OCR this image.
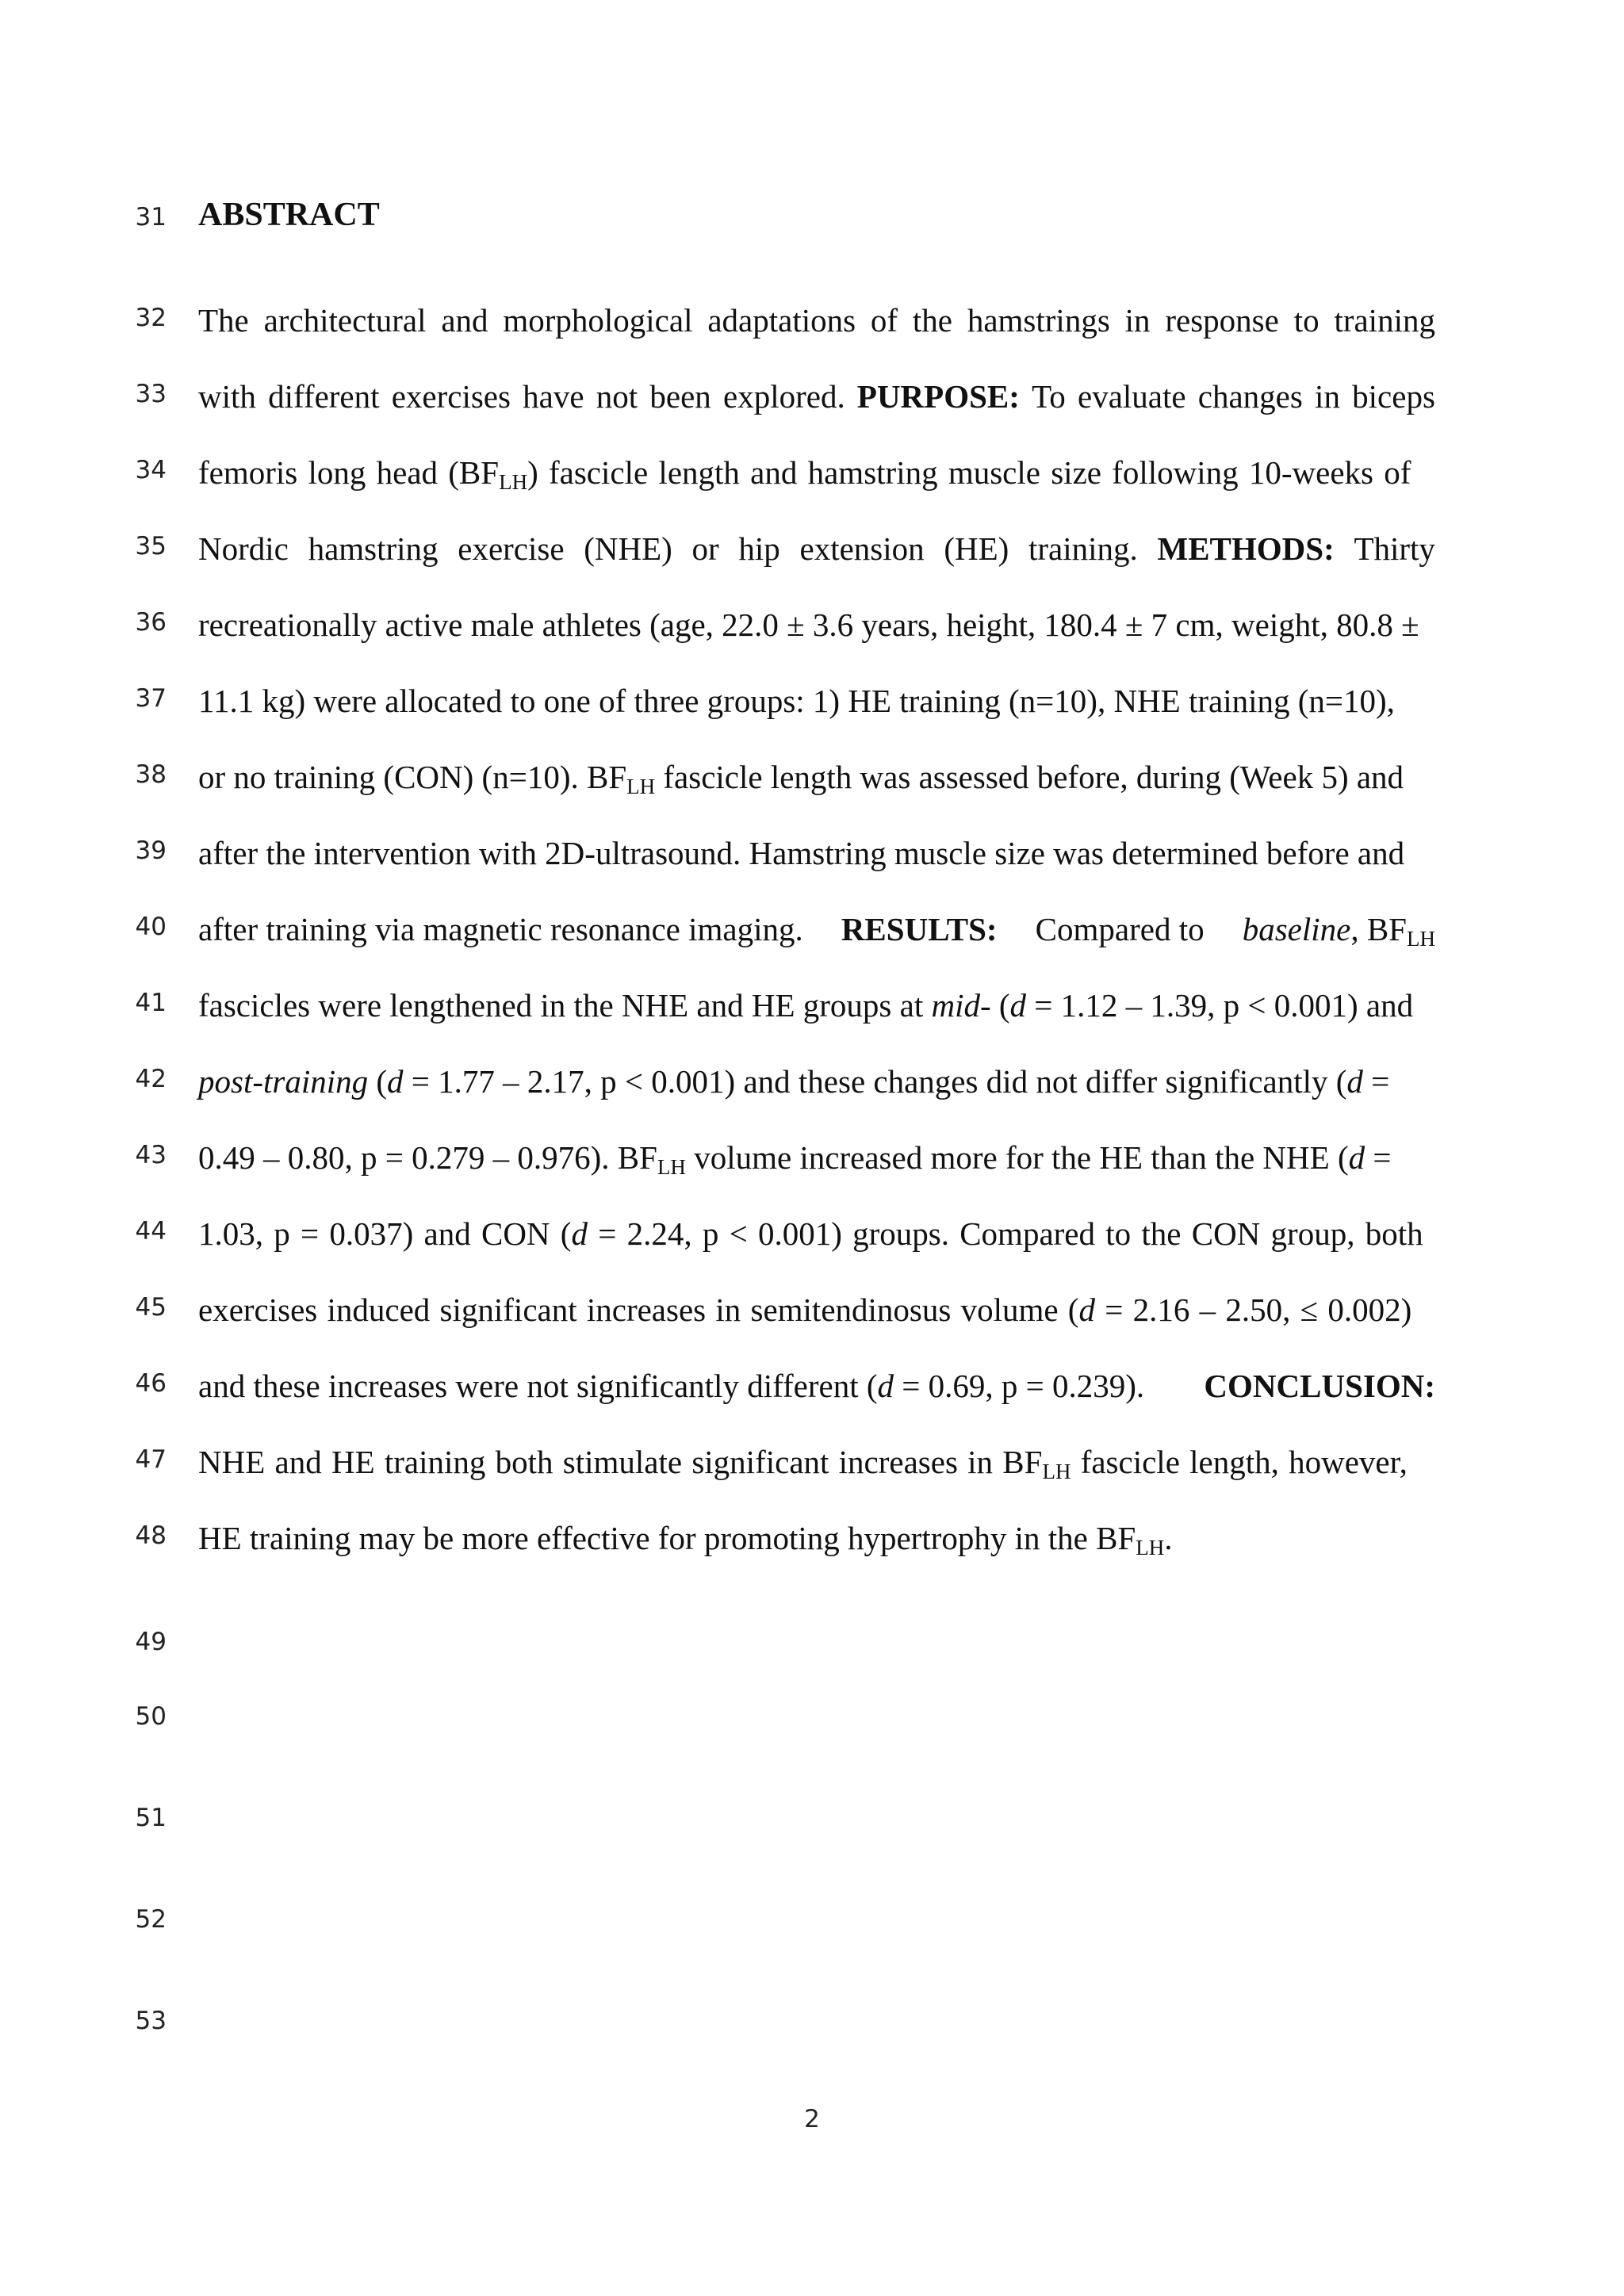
31
32
33
34
35
36
37
38
39
40
41
42
43
44
45
46
47
48
49
50
51
52
53
ABSTRACT
The architectural and morphological adaptations of the hamstrings in response to training
with different exercises have not been explored. PURPOSE: To evaluate changes in biceps
femoris long head $(BF_{LH})$ fascicle length and hamstring muscle size following 10-weeks of
Nordic hamstring exercise (NHE) or hip extension (HE) training. METHODS: Thirty
recreationally active male athletes (age, 22.0 ± 3.6 years, height, 180.4 ± 7 cm, weight, 80.8 ±
11.1 kg) were allocated to one of three groups: 1) HE training (n=10), NHE training (n=10),
or no training (CON) (n=10). $BF_{LH}$ fascicle length was assessed before, during (Week 5) and
after the intervention with 2D-ultrasound. Hamstring muscle size was determined before and
after training via magnetic resonance imaging. RESULTS: Compared to baseline, $BF_{LH}$
fascicles were lengthened in the NHE and HE groups at mid- (d = 1.12 – 1.39, p < 0.001) and
post-training (d = 1.77 – 2.17, p < 0.001) and these changes did not differ significantly (d =
0.49 – 0.80, p = 0.279 – 0.976). $BF_{LH}$ volume increased more for the HE than the NHE (d =
1.03, p = 0.037) and CON (d = 2.24, p < 0.001) groups. Compared to the CON group, both
exercises induced significant increases in semitendinosus volume (d = 2.16 – 2.50, ≤ 0.002)
and these increases were not significantly different (d = 0.69, p = 0.239). CONCLUSION:
NHE and HE training both stimulate significant increases in $BF_{LH}$ fascicle length, however,
HE training may be more effective for promoting hypertrophy in the $BF_{LH}$.
2
